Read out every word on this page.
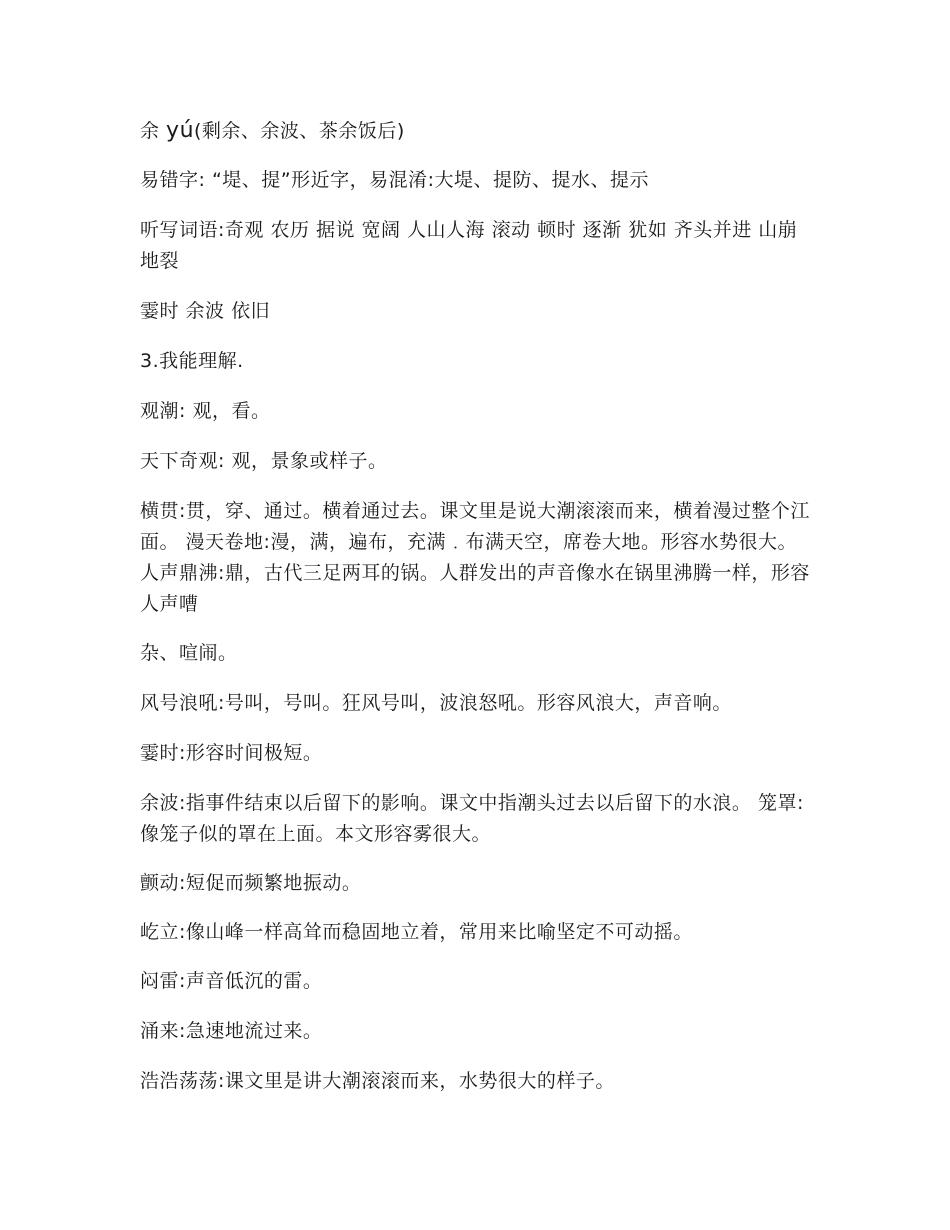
余 yú(剩余、余波、茶余饭后)
易错字: “堤、提”形近字，易混淆:大堤、提防、提水、提示
听写词语:奇观 农历 据说 宽阔 人山人海 滚动 顿时 逐渐 犹如 齐头并进 山崩地裂
霎时 余波 依旧
3.我能理解.
观潮: 观，看。
天下奇观: 观，景象或样子。
横贯:贯，穿、通过。横着通过去。课文里是说大潮滚滚而来，横着漫过整个江面。 漫天卷地:漫，满，遍布，充满﹒布满天空，席卷大地。形容水势很大。 人声鼎沸:鼎，古代三足两耳的锅。人群发出的声音像水在锅里沸腾一样，形容人声嘈
杂、喧闹。
风号浪吼:号叫，号叫。狂风号叫，波浪怒吼。形容风浪大，声音响。
霎时:形容时间极短。
余波:指事件结束以后留下的影响。课文中指潮头过去以后留下的水浪。 笼罩:像笼子似的罩在上面。本文形容雾很大。
颤动:短促而频繁地振动。
屹立:像山峰一样高耸而稳固地立着，常用来比喻坚定不可动摇。
闷雷:声音低沉的雷。
涌来:急速地流过来。
浩浩荡荡:课文里是讲大潮滚滚而来，水势很大的样子。
